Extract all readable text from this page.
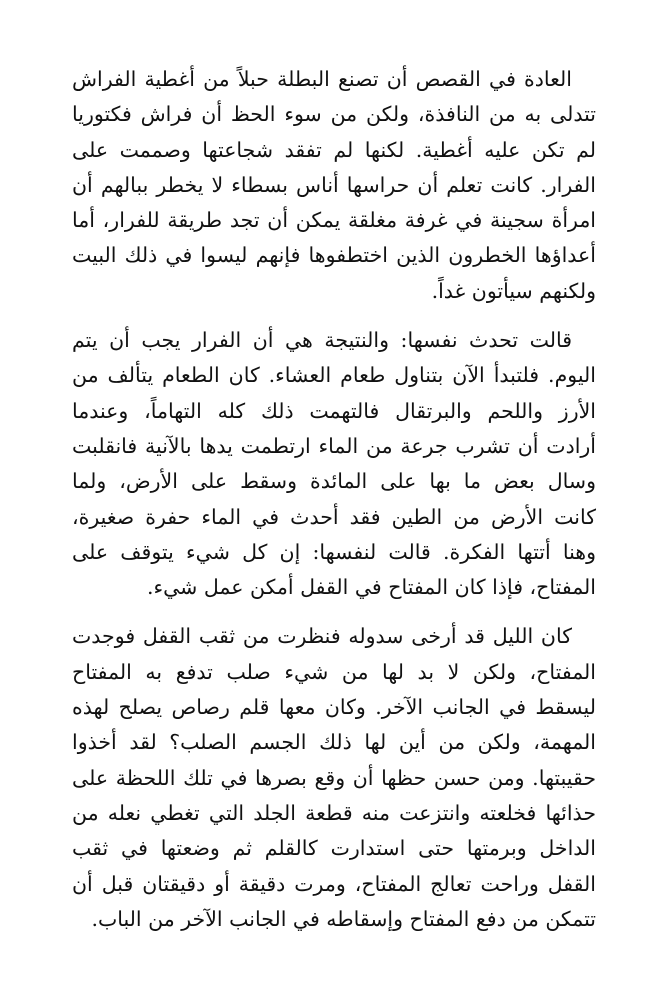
العادة في القصص أن تصنع البطلة حبلاً من أغطية الفراش
تتدلى به من النافذة، ولكن من سوء الحظ أن فراش فكتوريا
لم تكن عليه أغطية. لكنها لم تفقد شجاعتها وصممت على
الفرار. كانت تعلم أن حراسها أناس بسطاء لا يخطر ببالهم أن
امرأة سجينة في غرفة مغلقة يمكن أن تجد طريقة للفرار، أما
أعداؤها الخطرون الذين اختطفوها فإنهم ليسوا في ذلك البيت
ولكنهم سيأتون غداً.

قالت تحدث نفسها: والنتيجة هي أن الفرار يجب أن يتم
اليوم. فلتبدأ الآن بتناول طعام العشاء. كان الطعام يتألف من
الأرز واللحم والبرتقال فالتهمت ذلك كله التهاماً، وعندما
أرادت أن تشرب جرعة من الماء ارتطمت يدها بالآنية فانقلبت
وسال بعض ما بها على المائدة وسقط على الأرض، ولما
كانت الأرض من الطين فقد أحدث في الماء حفرة صغيرة،
وهنا أتتها الفكرة. قالت لنفسها: إن كل شيء يتوقف على
المفتاح، فإذا كان المفتاح في القفل أمكن عمل شيء.

كان الليل قد أرخى سدوله فنظرت من ثقب القفل فوجدت
المفتاح، ولكن لا بد لها من شيء صلب تدفع به المفتاح
ليسقط في الجانب الآخر. وكان معها قلم رصاص يصلح لهذه
المهمة، ولكن من أين لها ذلك الجسم الصلب؟ لقد أخذوا
حقيبتها. ومن حسن حظها أن وقع بصرها في تلك اللحظة على
حذائها فخلعته وانتزعت منه قطعة الجلد التي تغطي نعله من
الداخل وبرمتها حتى استدارت كالقلم ثم وضعتها في ثقب
القفل وراحت تعالج المفتاح، ومرت دقيقة أو دقيقتان قبل أن
تتمكن من دفع المفتاح وإسقاطه في الجانب الآخر من الباب.
